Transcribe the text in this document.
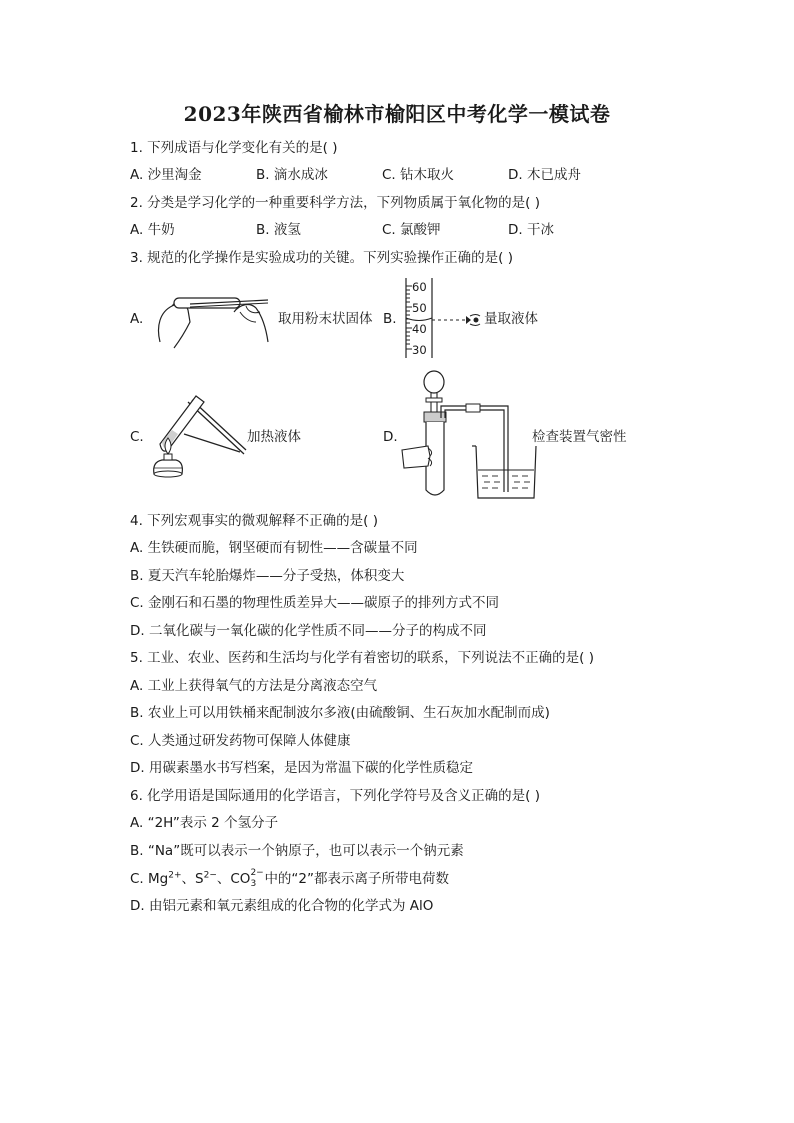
2023年陕西省榆林市榆阳区中考化学一模试卷
1. 下列成语与化学变化有关的是( )
A. 沙里淘金	B. 滴水成冰	C. 钻木取火	D. 木已成舟
2. 分类是学习化学的一种重要科学方法，下列物质属于氧化物的是( )
A. 牛奶	B. 液氢	C. 氯酸钾	D. 干冰
3. 规范的化学操作是实验成功的关键。下列实验操作正确的是( )
A.	取用粉末状固体 B.
60
50
40
30
量取液体
C.	加热液体	D.	检查装置气密性
4. 下列宏观事实的微观解释不正确的是( )
A. 生铁硬而脆，钢坚硬而有韧性——含碳量不同
B. 夏天汽车轮胎爆炸——分子受热，体积变大
C. 金刚石和石墨的物理性质差异大——碳原子的排列方式不同
D. 二氧化碳与一氧化碳的化学性质不同——分子的构成不同
5. 工业、农业、医药和生活均与化学有着密切的联系，下列说法不正确的是( )
A. 工业上获得氧气的方法是分离液态空气
B. 农业上可以用铁桶来配制波尔多液(由硫酸铜、生石灰加水配制而成)
C. 人类通过研发药物可保障人体健康
D. 用碳素墨水书写档案，是因为常温下碳的化学性质稳定
6. 化学用语是国际通用的化学语言，下列化学符号及含义正确的是( )
A. “2H”表示 2 个氢分子
B. “Na”既可以表示一个钠原子，也可以表示一个钠元素
C. $Mg^{2+}$、$S^{2-}$、CO 2−
3 中的“2”都表示离子所带电荷数
D. 由铝元素和氧元素组成的化合物的化学式为 AlO
